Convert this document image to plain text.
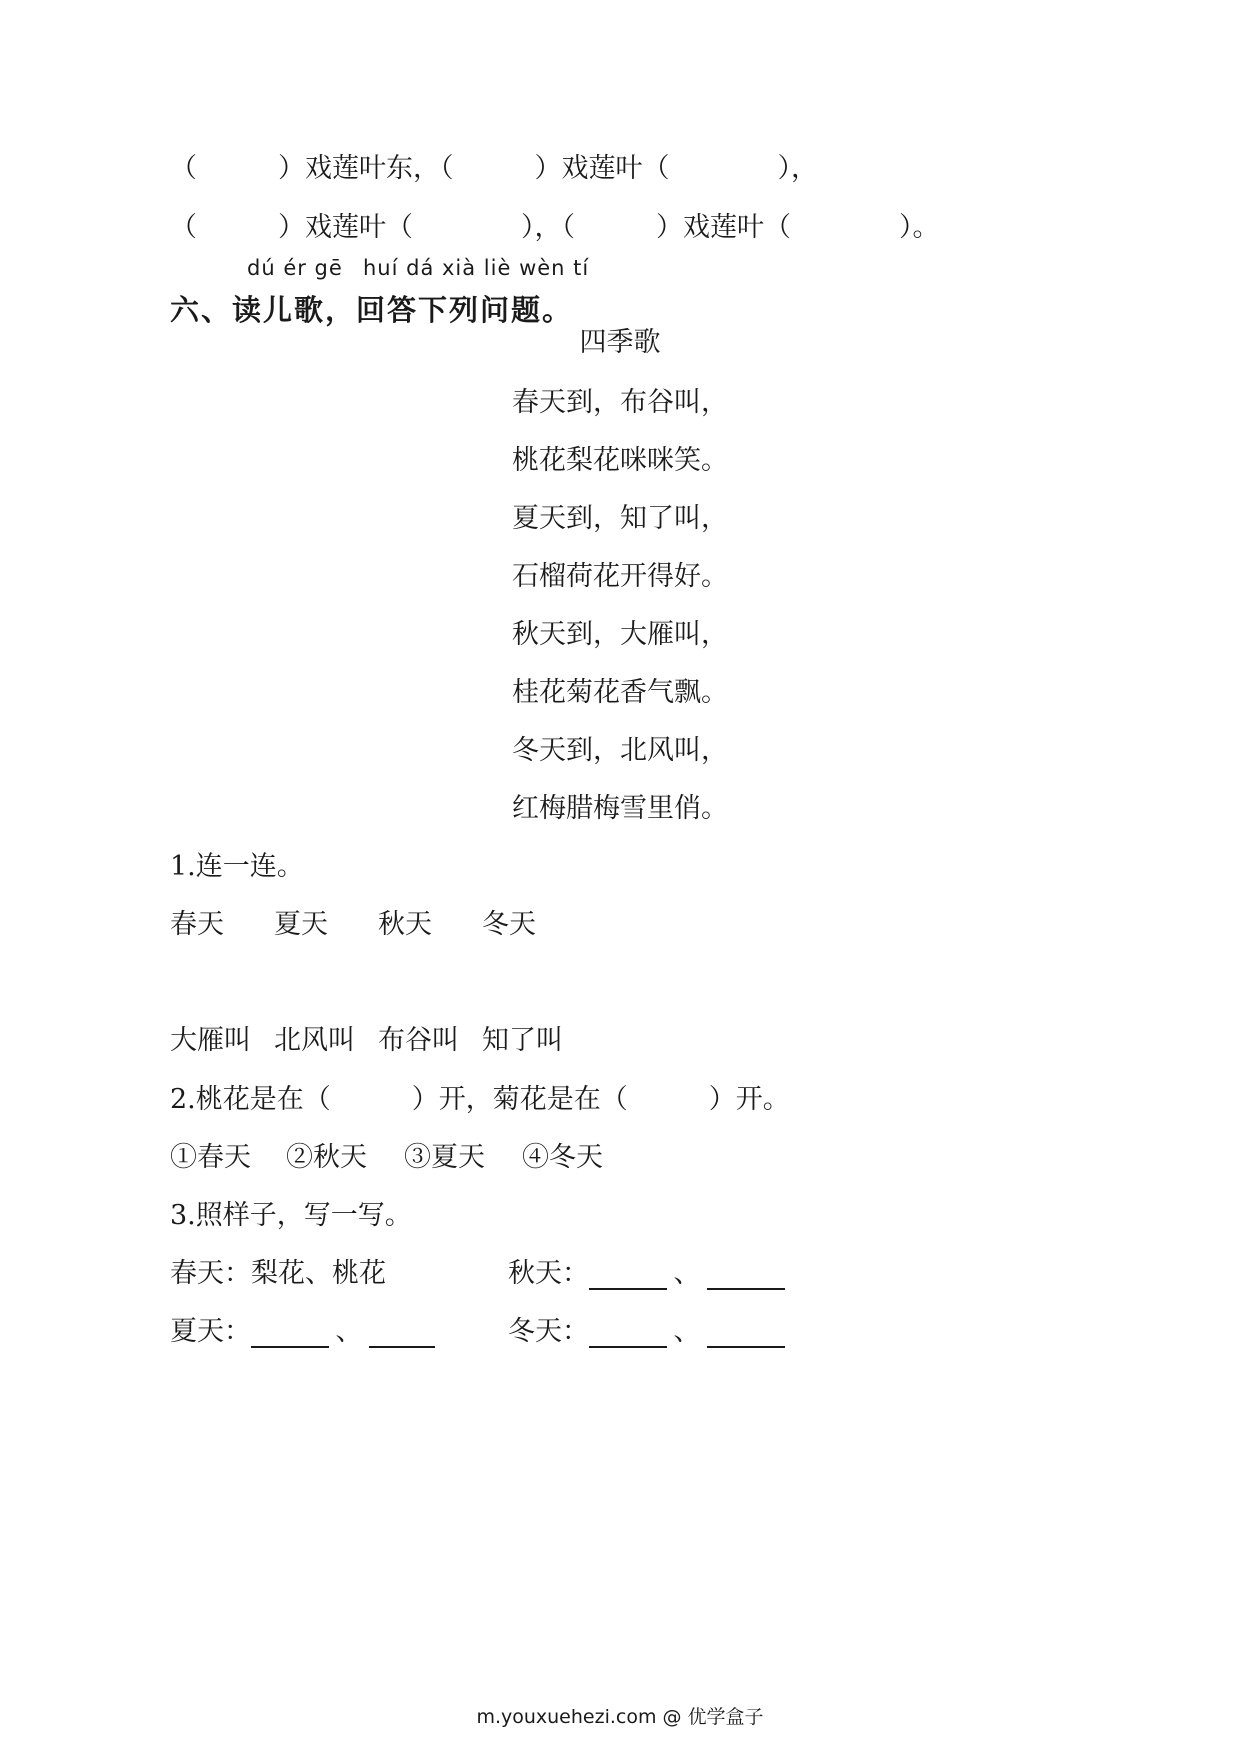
（　　　）戏莲叶东，（　　　）戏莲叶（　　　　），
（　　　）戏莲叶（　　　　），（　　　）戏莲叶（　　　　）。
dú ér gē huí dá xià liè wèn tí
六、读儿歌，回答下列问题。
四季歌
春天到，布谷叫，
桃花梨花咪咪笑。
夏天到，知了叫，
石榴荷花开得好。
秋天到，大雁叫，
桂花菊花香气飘。
冬天到，北风叫，
红梅腊梅雪里俏。
1.连一连。
春天 夏天 秋天 冬天
大雁叫 北风叫 布谷叫 知了叫
2.桃花是在（　　　）开，菊花是在（　　　）开。
①春天 ②秋天 ③夏天 ④冬天
3.照样子，写一写。
春天：梨花、桃花	秋天：	、
夏天：	、	冬天：	、
m.youxuehezi.com @ 优学盒子
